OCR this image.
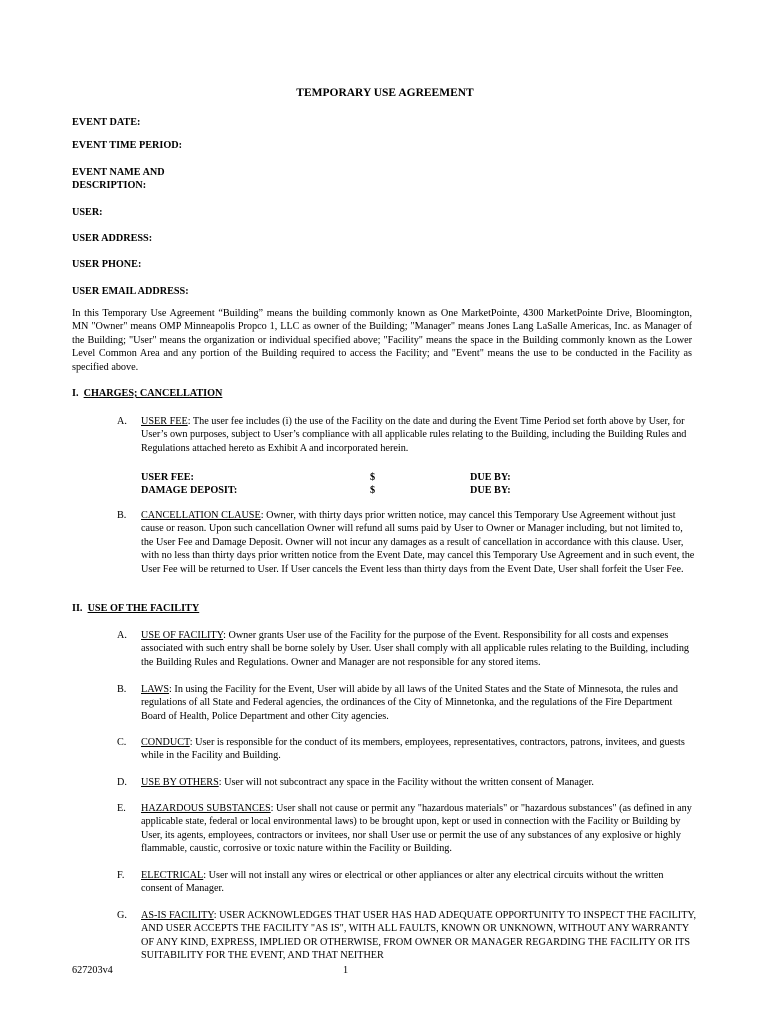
TEMPORARY USE AGREEMENT
EVENT DATE:
EVENT TIME PERIOD:
EVENT NAME AND
DESCRIPTION:
USER:
USER ADDRESS:
USER PHONE:
USER EMAIL ADDRESS:
In this Temporary Use Agreement “Building” means the building commonly known as One MarketPointe, 4300 MarketPointe Drive, Bloomington, MN "Owner" means OMP Minneapolis Propco 1, LLC as owner of the Building; "Manager" means Jones Lang LaSalle Americas, Inc. as Manager of the Building; "User" means the organization or individual specified above; "Facility" means the space in the Building commonly known as the Lower Level Common Area and any portion of the Building required to access the Facility; and "Event" means the use to be conducted in the Facility as specified above.
I. CHARGES; CANCELLATION
A. USER FEE: The user fee includes (i) the use of the Facility on the date and during the Event Time Period set forth above by User, for User’s own purposes, subject to User’s compliance with all applicable rules relating to the Building, including the Building Rules and Regulations attached hereto as Exhibit A and incorporated herein.
USER FEE:	$	DUE BY:
DAMAGE DEPOSIT:	$	DUE BY:
B. CANCELLATION CLAUSE: Owner, with thirty days prior written notice, may cancel this Temporary Use Agreement without just cause or reason. Upon such cancellation Owner will refund all sums paid by User to Owner or Manager including, but not limited to, the User Fee and Damage Deposit. Owner will not incur any damages as a result of cancellation in accordance with this clause. User, with no less than thirty days prior written notice from the Event Date, may cancel this Temporary Use Agreement and in such event, the User Fee will be returned to User. If User cancels the Event less than thirty days from the Event Date, User shall forfeit the User Fee.
II. USE OF THE FACILITY
A. USE OF FACILITY: Owner grants User use of the Facility for the purpose of the Event. Responsibility for all costs and expenses associated with such entry shall be borne solely by User. User shall comply with all applicable rules relating to the Building, including the Building Rules and Regulations. Owner and Manager are not responsible for any stored items.
B. LAWS: In using the Facility for the Event, User will abide by all laws of the United States and the State of Minnesota, the rules and regulations of all State and Federal agencies, the ordinances of the City of Minnetonka, and the regulations of the Fire Department Board of Health, Police Department and other City agencies.
C. CONDUCT: User is responsible for the conduct of its members, employees, representatives, contractors, patrons, invitees, and guests while in the Facility and Building.
D. USE BY OTHERS: User will not subcontract any space in the Facility without the written consent of Manager.
E. HAZARDOUS SUBSTANCES: User shall not cause or permit any "hazardous materials" or "hazardous substances" (as defined in any applicable state, federal or local environmental laws) to be brought upon, kept or used in connection with the Facility or Building by User, its agents, employees, contractors or invitees, nor shall User use or permit the use of any substances of any explosive or highly flammable, caustic, corrosive or toxic nature within the Facility or Building.
F. ELECTRICAL: User will not install any wires or electrical or other appliances or alter any electrical circuits without the written consent of Manager.
G. AS-IS FACILITY: USER ACKNOWLEDGES THAT USER HAS HAD ADEQUATE OPPORTUNITY TO INSPECT THE FACILITY, AND USER ACCEPTS THE FACILITY "AS IS", WITH ALL FAULTS, KNOWN OR UNKNOWN, WITHOUT ANY WARRANTY OF ANY KIND, EXPRESS, IMPLIED OR OTHERWISE, FROM OWNER OR MANAGER REGARDING THE FACILITY OR ITS SUITABILITY FOR THE EVENT, AND THAT NEITHER
627203v4	1
